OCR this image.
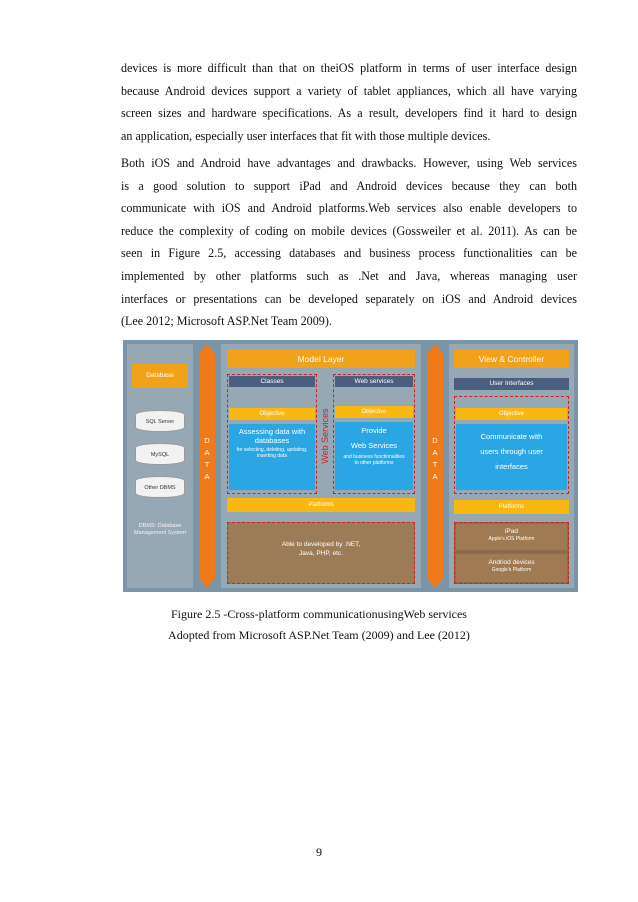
devices is more difficult than that on theiOS platform in terms of user interface design
because Android devices support a variety of tablet appliances, which all have varying
screen sizes and hardware specifications. As a result, developers find it hard to design
an application, especially user interfaces that fit with those multiple devices.
Both iOS and Android have advantages and drawbacks. However, using Web services
is a good solution to support iPad and Android devices because they can both
communicate with iOS and Android platforms.Web services also enable developers to
reduce the complexity of coding on mobile devices (Gossweiler et al. 2011). As can be
seen in Figure 2.5, accessing databases and business process functionalities can be
implemented by other platforms such as .Net and Java, whereas managing user
interfaces or presentations can be developed separately on iOS and Android devices
(Lee 2012; Microsoft ASP.Net Team 2009).
Database
SQL Server
MySQL
Other DBMS
DBMS: Database Management System
DATA
Model Layer
Classes
Objective
Assessing data with databases
for selecting, deleting, updating, inserting data	Web Services
Web services
Objective
Provide
Web Services
and business functionalities to other platforms
Platforms
Able to developed by .NET, Java, PHP, etc.
DATA
View & Controller
User Interfaces
Objective
Communicate with users through user interfaces
Platforms
iPad
Apple's iOS Platform
Andriod devices
Google's Platform
Figure 2.5 -Cross-platform communicationusingWeb services
Adopted from Microsoft ASP.Net Team (2009) and Lee (2012)
9
